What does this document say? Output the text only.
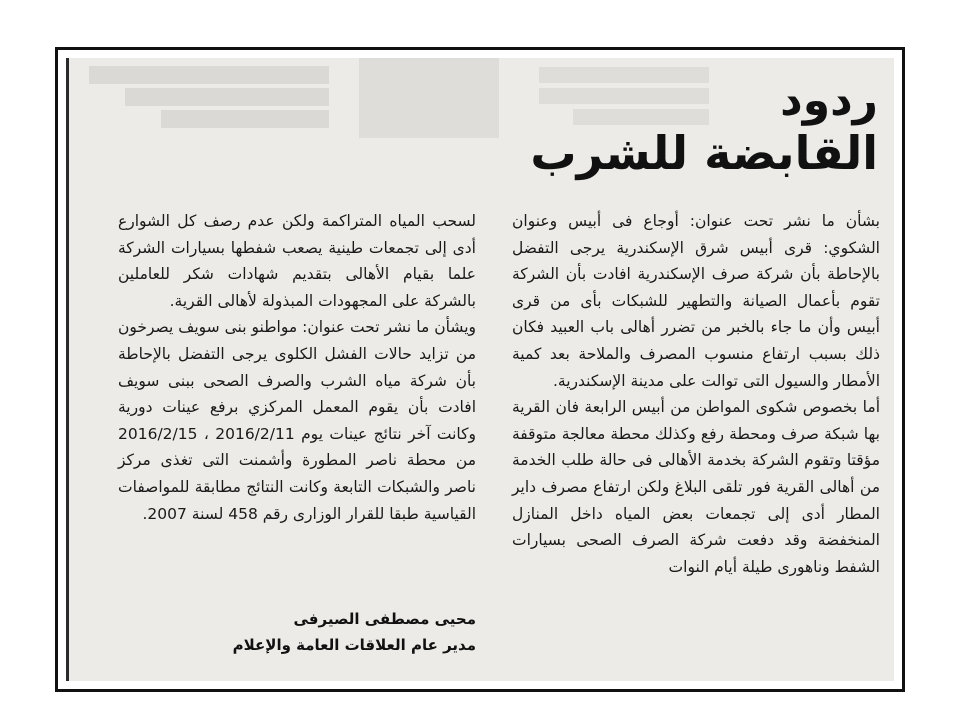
ردود
القابضة للشرب

بشأن ما نشر تحت عنوان: أوجاع فى أبيس وعنوان الشكوي: قرى أبيس شرق الإسكندرية يرجى التفضل بالإحاطة بأن شركة صرف الإسكندرية افادت بأن الشركة تقوم بأعمال الصيانة والتطهير للشبكات بأى من قرى أبيس وأن ما جاء بالخبر من تضرر أهالى باب العبيد فكان ذلك بسبب ارتفاع منسوب المصرف والملاحة بعد كمية الأمطار والسيول التى توالت على مدينة الإسكندرية.

أما بخصوص شكوى المواطن من أبيس الرابعة فان القرية بها شبكة صرف ومحطة رفع وكذلك محطة معالجة متوقفة مؤقتا وتقوم الشركة بخدمة الأهالى فى حالة طلب الخدمة من أهالى القرية فور تلقى البلاغ ولكن ارتفاع مصرف داير المطار أدى إلى تجمعات بعض المياه داخل المنازل المنخفضة وقد دفعت شركة الصرف الصحى بسيارات الشفط وناهورى طيلة أيام النوات

لسحب المياه المتراكمة ولكن عدم رصف كل الشوارع أدى إلى تجمعات طينية يصعب شفطها بسيارات الشركة علما بقيام الأهالى بتقديم شهادات شكر للعاملين بالشركة على المجهودات المبذولة لأهالى القرية.

ويشأن ما نشر تحت عنوان: مواطنو بنى سويف يصرخون من تزايد حالات الفشل الكلوى يرجى التفضل بالإحاطة بأن شركة مياه الشرب والصرف الصحى ببنى سويف افادت بأن يقوم المعمل المركزي برفع عينات دورية وكانت آخر نتائج عينات يوم 2016/2/11 ، 2016/2/15 من محطة ناصر المطورة وأشمنت التى تغذى مركز ناصر والشبكات التابعة وكانت النتائج مطابقة للمواصفات القياسية طبقا للقرار الوزارى رقم 458 لسنة 2007.

محيى مصطفى الصيرفى
مدير عام العلاقات العامة والإعلام
